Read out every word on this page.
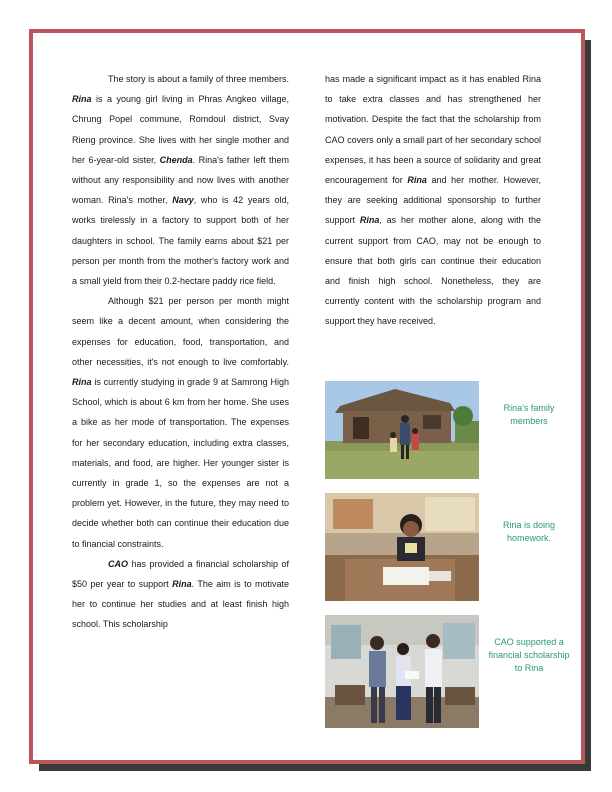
The story is about a family of three members. Rina is a young girl living in Phras Angkeo village, Chrung Popel commune, Romdoul district, Svay Rieng province. She lives with her single mother and her 6-year-old sister, Chenda. Rina's father left them without any responsibility and now lives with another woman. Rina's mother, Navy, who is 42 years old, works tirelessly in a factory to support both of her daughters in school. The family earns about $21 per person per month from the mother's factory work and a small yield from their 0.2-hectare paddy rice field.

Although $21 per person per month might seem like a decent amount, when considering the expenses for education, food, transportation, and other necessities, it's not enough to live comfortably. Rina is currently studying in grade 9 at Samrong High School, which is about 6 km from her home. She uses a bike as her mode of transportation. The expenses for her secondary education, including extra classes, materials, and food, are higher. Her younger sister is currently in grade 1, so the expenses are not a problem yet. However, in the future, they may need to decide whether both can continue their education due to financial constraints.

CAO has provided a financial scholarship of $50 per year to support Rina. The aim is to motivate her to continue her studies and at least finish high school. This scholarship

has made a significant impact as it has enabled Rina to take extra classes and has strengthened her motivation. Despite the fact that the scholarship from CAO covers only a small part of her secondary school expenses, it has been a source of solidarity and great encouragement for Rina and her mother. However, they are seeking additional sponsorship to further support Rina, as her mother alone, along with the current support from CAO, may not be enough to ensure that both girls can continue their education and finish high school. Nonetheless, they are currently content with the scholarship program and support they have received.

Rina's family members
Rina is doing homework.
CAO supported a financial scholarship to Rina
